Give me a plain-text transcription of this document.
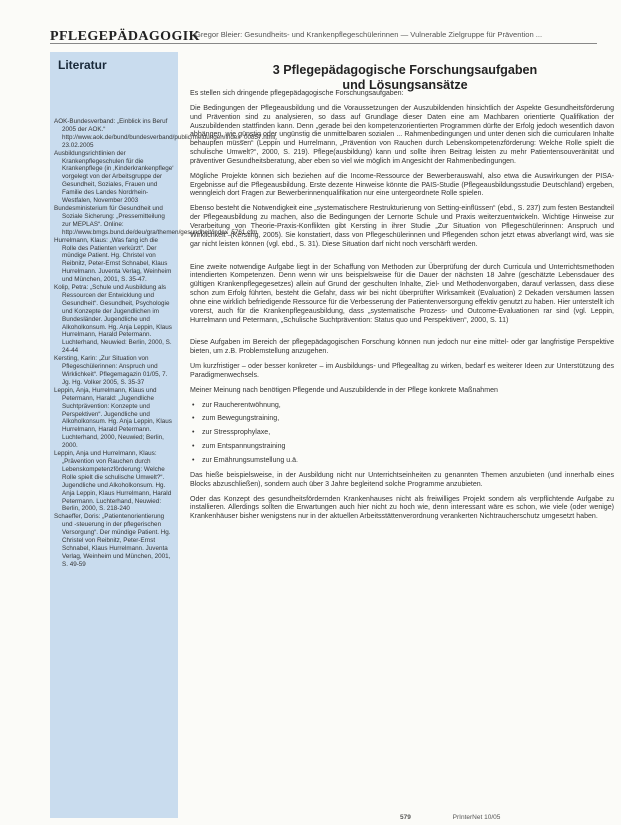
PFLEGEPÄDAGOGIK
Gregor Bleier: Gesundheits- und Krankenpflegeschülerinnen — Vulnerable Zielgruppe für Prävention ...
Literatur
AOK-Bundesverband: „Einblick ins Beruf 2005 der AOK.“ http://www.aok.de/bund/bundesverband/public/meldungen/index_00857.html, 23.02.2005
Ausbildungsrichtlinien der Krankenpflegeschulen für die Krankenpflege (in ‚Kinderkrankenpflege‘ vorgelegt von der Arbeitsgruppe der Gesundheit, Soziales, Frauen und Familie des Landes Nordrhein-Westfalen, November 2003
Bundesministerium für Gesundheit und Soziale Sicherung: „Pressemitteilung zur MEPLAS“. Online: http://www.bmgs.bund.de/deu/gra/themen/gesundheit/index_5761.cfm
Hurrelmann, Klaus: „Was fang ich die Rolle des Patienten verkürzt“. Der mündige Patient. Hg. Christel von Reibnitz, Peter-Ernst Schnabel, Klaus Hurrelmann. Juventa Verlag, Weinheim und München, 2001, S. 35-47.
Kolip, Petra: „Schule und Ausbildung als Ressourcen der Entwicklung und Gesundheit“. Gesundheit, Psychologie und Konzepte der Jugendlichen im Bundesländer. Jugendliche und Alkoholkonsum. Hg. Anja Leppin, Klaus Hurrelmann, Harald Petermann. Luchterhand, Neuwied: Berlin, 2000, S. 24-44
Kersting, Karin: „Zur Situation von Pflegeschülerinnen: Anspruch und Wirklichkeit“. Pflegemagazin 01/05, 7. Jg. Hg. Volker 2005, S. 35-37
Leppin, Anja, Hurrelmann, Klaus und Petermann, Harald: „Jugendliche Suchtprävention: Konzepte und Perspektiven“. Jugendliche und Alkoholkonsum. Hg. Anja Leppin, Klaus Hurrelmann, Harald Petermann. Luchterhand, 2000, Neuwied; Berlin, 2000.
Leppin, Anja und Hurrelmann, Klaus: „Prävention von Rauchen durch Lebenskompetenzförderung: Welche Rolle spielt die schulische Umwelt?“. Jugendliche und Alkoholkonsum. Hg. Anja Leppin, Klaus Hurrelmann, Harald Petermann. Luchterhand, Neuwied: Berlin, 2000, S. 218-240
Schaeffer, Doris: „Patientenorientierung und -steuerung in der pflegerischen Versorgung“. Der mündige Patient. Hg. Christel von Reibnitz, Peter-Ernst Schnabel, Klaus Hurrelmann. Juventa Verlag, Weinheim und München, 2001, S. 49-59
3 Pflegepädagogische Forschungsaufgaben
und Lösungsansätze

Es stellen sich dringende pflegepädagogische Forschungsaufgaben:

Die Bedingungen der Pflegeausbildung und die Voraussetzungen der Auszubildenden hinsichtlich der Aspekte Gesundheitsförderung und Prävention sind zu analysieren, so dass auf Grundlage dieser Daten eine am Machbaren orientierte Qualifikation der Auszubildenden stattfinden kann. Denn „gerade bei den kompetenzorientierten Programmen dürfte der Erfolg jedoch wesentlich davon abhängen, wie günstig oder ungünstig die unmittelbaren sozialen ... Rahmenbedingungen und unter denen sich die curricularen Inhalte behaupten müssen“ (Leppin und Hurrelmann, „Prävention von Rauchen durch Lebenskompetenzförderung: Welche Rolle spielt die schulische Umwelt?“, 2000, S. 219). Pflege(ausbildung) kann und sollte ihren Beitrag leisten zu mehr Patientensouveränität und präventiver Gesundheitsberatung, aber eben so viel wie möglich im Angesicht der Rahmenbedingungen.

Mögliche Projekte können sich beziehen auf die Income-Ressource der Bewerberauswahl, also etwa die Auswirkungen der PISA-Ergebnisse auf die Pflegeausbildung. Erste dezente Hinweise könnte die PAIS-Studie (Pflegeausbildungsstudie Deutschland) ergeben, wenngleich dort Fragen zur Bewerberinnenqualifikation nur eine untergeordnete Rolle spielen.

Ebenso besteht die Notwendigkeit eine „systematischere Restrukturierung von Setting-einflüssen“ (ebd., S. 237) zum festen Bestandteil der Pflegeausbildung zu machen, also die Bedingungen der Lernorte Schule und Praxis weiterzuentwickeln. Wichtige Hinweise zur Verarbeitung von Theorie-Praxis-Konflikten gibt Kersting in ihrer Studie „Zur Situation von Pflegeschülerinnen: Anspruch und Wirklichkeit“ (Kersting, 2005). Sie konstatiert, dass von Pflegeschülerinnen und Pflegenden schon jetzt etwas abverlangt wird, was sie gar nicht leisten können (vgl. ebd., S. 31). Diese Situation darf nicht noch verschärft werden.

Eine zweite notwendige Aufgabe liegt in der Schaffung von Methoden zur Überprüfung der durch Curricula und Unterrichtsmethoden intendierten Kompetenzen. Denn wenn wir uns beispielsweise für die Dauer der nächsten 18 Jahre (geschätzte Lebensdauer des gültigen Krankenpflegegesetzes) allein auf Grund der geschulten Inhalte, Ziel- und Methodenvorgaben, darauf verlassen, dass diese schon zum Erfolg führten, besteht die Gefahr, dass wir bei nicht überprüfter Wirksamkeit (Evaluation) 2 Dekaden versäumen lassen ohne eine wirklich befriedigende Ressource für die Verbesserung der Patientenversorgung effektiv genutzt zu haben. Hier unterstellt ich vorerst, auch für die Krankenpflegeausbildung, dass „systematische Prozess- und Outcome-Evaluationen rar sind (vgl. Leppin, Hurrelmann und Petermann, „Schulische Suchtprävention: Status quo und Perspektiven“, 2000, S. 11)

Diese Aufgaben im Bereich der pflegepädagogischen Forschung können nun jedoch nur eine mittel- oder gar langfristige Perspektive bieten, um z.B. Problemstellung anzugehen.

Um kurzfristiger – oder besser konkreter – im Ausbildungs- und Pflegealltag zu wirken, bedarf es weiterer Ideen zur Unterstützung des Paradigmenwechsels.

Meiner Meinung nach benötigen Pflegende und Auszubildende in der Pflege konkrete Maßnahmen

• zur Raucherentwöhnung,
• zum Bewegungstraining,
• zur Stressprophylaxe,
• zum Entspannungstraining
• zur Ernährungsumstellung u.ä.

Das hieße beispielsweise, in der Ausbildung nicht nur Unterrichtseinheiten zu genannten Themen anzubieten (und innerhalb eines Blocks abzuschließen), sondern auch über 3 Jahre begleitend solche Programme anzubieten.

Oder das Konzept des gesundheitsfördernden Krankenhauses nicht als freiwilliges Projekt sondern als verpflichtende Aufgabe zu installieren. Allerdings sollten die Erwartungen auch hier nicht zu hoch wie, denn interessant wäre es schon, wie viele (oder wenige) Krankenhäuser bisher wenigstens nur in der aktuellen Arbeitsstättenverordnung verankerten Nichtraucherschutz umgesetzt haben.

579	PrInterNet 10/05
